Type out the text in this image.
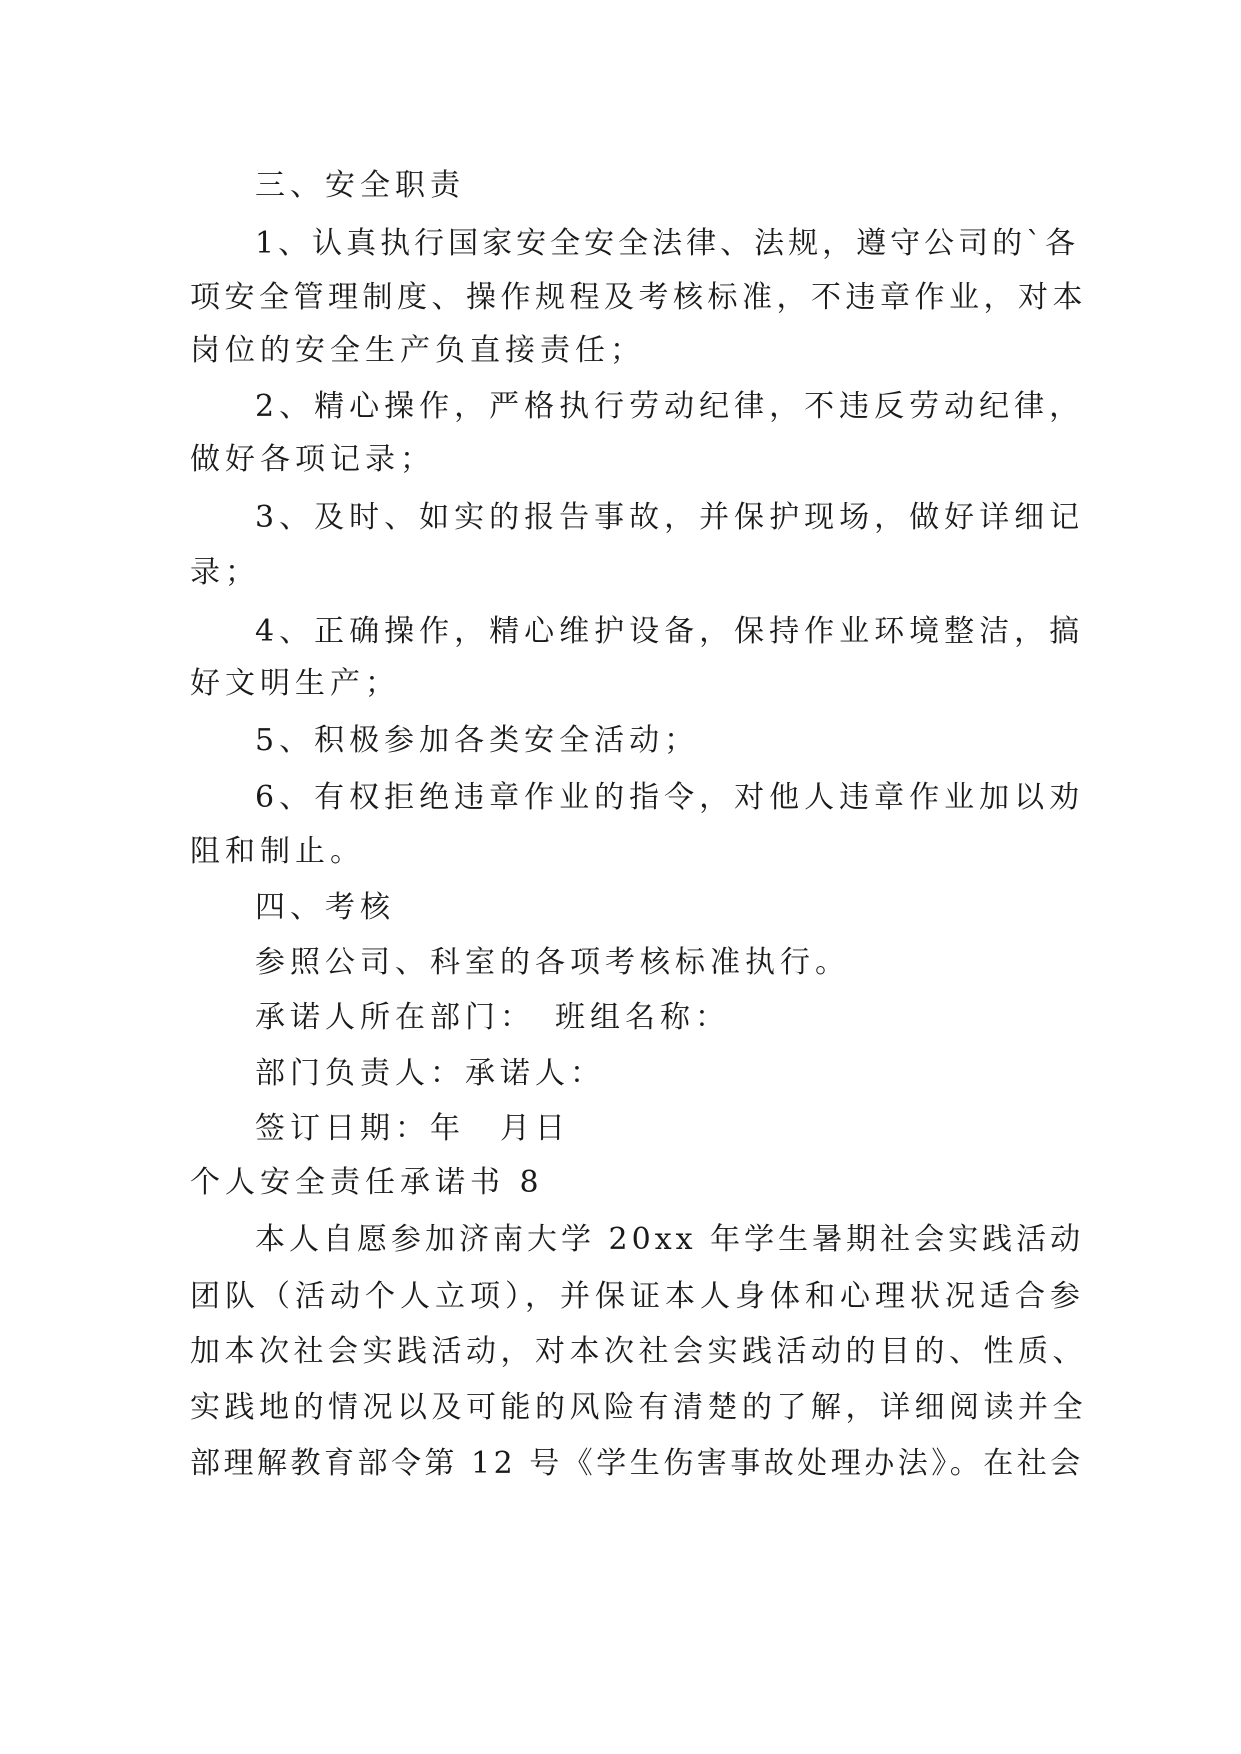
三、安全职责
1、认真执行国家安全安全法律、法规，遵守公司的`各
项安全管理制度、操作规程及考核标准，不违章作业，对本
岗位的安全生产负直接责任；
2、精心操作，严格执行劳动纪律，不违反劳动纪律，
做好各项记录；
3、及时、如实的报告事故，并保护现场，做好详细记
录；
4、正确操作，精心维护设备，保持作业环境整洁，搞
好文明生产；
5、积极参加各类安全活动；
6、有权拒绝违章作业的指令，对他人违章作业加以劝
阻和制止。
四、考核
参照公司、科室的各项考核标准执行。
承诺人所在部门：　班组名称：
部门负责人：承诺人：
签订日期：年　月日
个人安全责任承诺书 8
本人自愿参加济南大学 20xx 年学生暑期社会实践活动
团队（活动个人立项），并保证本人身体和心理状况适合参
加本次社会实践活动，对本次社会实践活动的目的、性质、
实践地的情况以及可能的风险有清楚的了解，详细阅读并全
部理解教育部令第 12 号《学生伤害事故处理办法》。在社会
